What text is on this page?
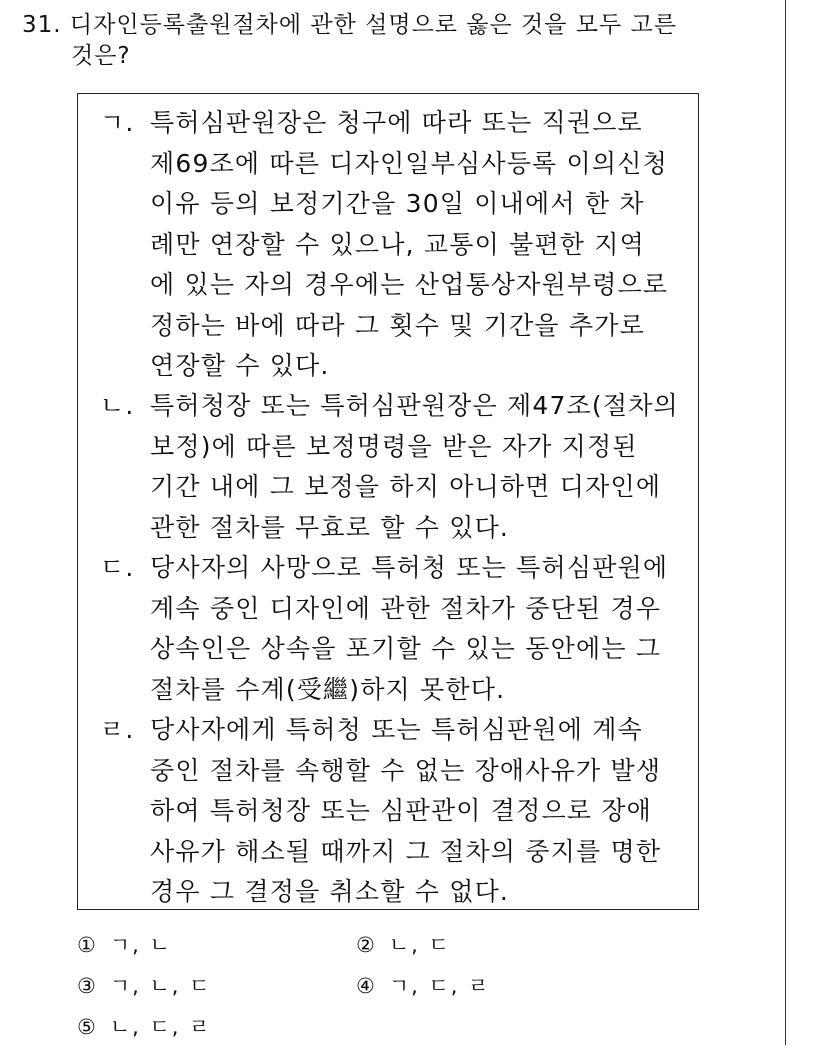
31. 디자인등록출원절차에 관한 설명으로 옳은 것을 모두 고른
것은?
ㄱ. 특허심판원장은 청구에 따라 또는 직권으로
제69조에 따른 디자인일부심사등록 이의신청
이유 등의 보정기간을 30일 이내에서 한 차
례만 연장할 수 있으나, 교통이 불편한 지역
에 있는 자의 경우에는 산업통상자원부령으로
정하는 바에 따라 그 횟수 및 기간을 추가로
연장할 수 있다.
ㄴ. 특허청장 또는 특허심판원장은 제47조(절차의
보정)에 따른 보정명령을 받은 자가 지정된
기간 내에 그 보정을 하지 아니하면 디자인에
관한 절차를 무효로 할 수 있다.
ㄷ. 당사자의 사망으로 특허청 또는 특허심판원에
계속 중인 디자인에 관한 절차가 중단된 경우
상속인은 상속을 포기할 수 있는 동안에는 그
절차를 수계(受繼)하지 못한다.
ㄹ. 당사자에게 특허청 또는 특허심판원에 계속
중인 절차를 속행할 수 없는 장애사유가 발생
하여 특허청장 또는 심판관이 결정으로 장애
사유가 해소될 때까지 그 절차의 중지를 명한
경우 그 결정을 취소할 수 없다.
① ㄱ, ㄴ	② ㄴ, ㄷ
③ ㄱ, ㄴ, ㄷ	④ ㄱ, ㄷ, ㄹ
⑤ ㄴ, ㄷ, ㄹ
